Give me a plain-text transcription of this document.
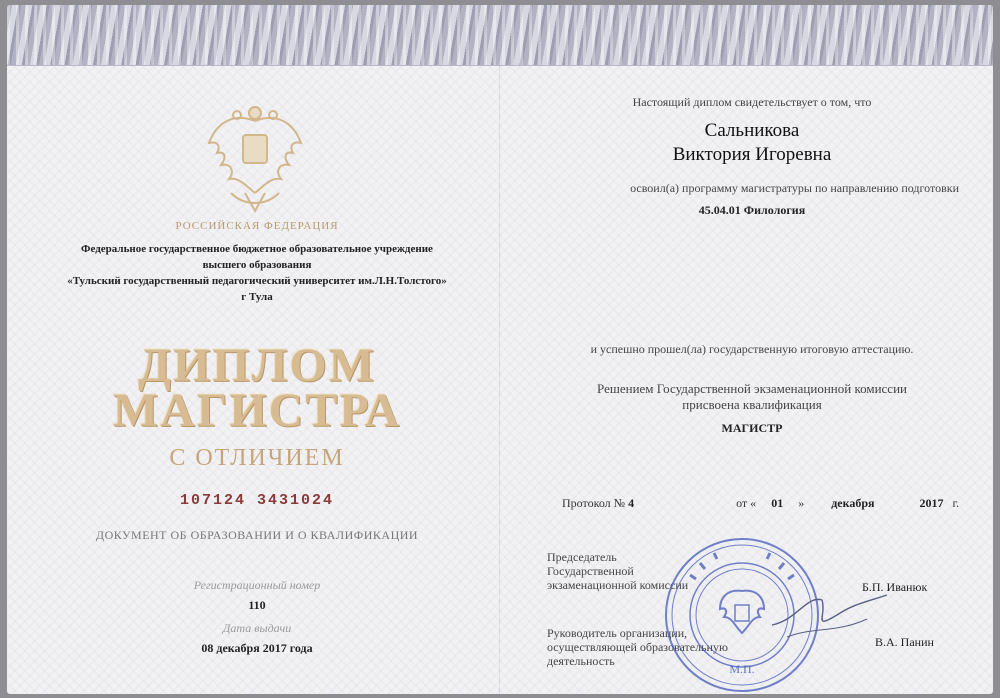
РОССИЙСКАЯ ФЕДЕРАЦИЯ
Федеральное государственное бюджетное образовательное учреждение
высшего образования
«Тульский государственный педагогический университет им.Л.Н.Толстого»
г Тула
ДИПЛОМ
МАГИСТРА
С ОТЛИЧИЕМ
107124 3431024
ДОКУМЕНТ ОБ ОБРАЗОВАНИИ И О КВАЛИФИКАЦИИ
Регистрационный номер
110
Дата выдачи
08 декабря 2017 года
Настоящий диплом свидетельствует о том, что
Сальникова
Виктория Игоревна
освоил(а) программу магистратуры по направлению подготовки
45.04.01 Филология
и успешно прошел(ла) государственную итоговую аттестацию.
Решением Государственной экзаменационной комиссии
присвоена квалификация
МАГИСТР
Протокол № 4	от « 01 » декабря	2017 г.
Председатель
Государственной
экзаменационной комиссии	Б.П. Иванюк
Руководитель организации,
осуществляющей образовательную
деятельность
В.А. Панин
М.П.
